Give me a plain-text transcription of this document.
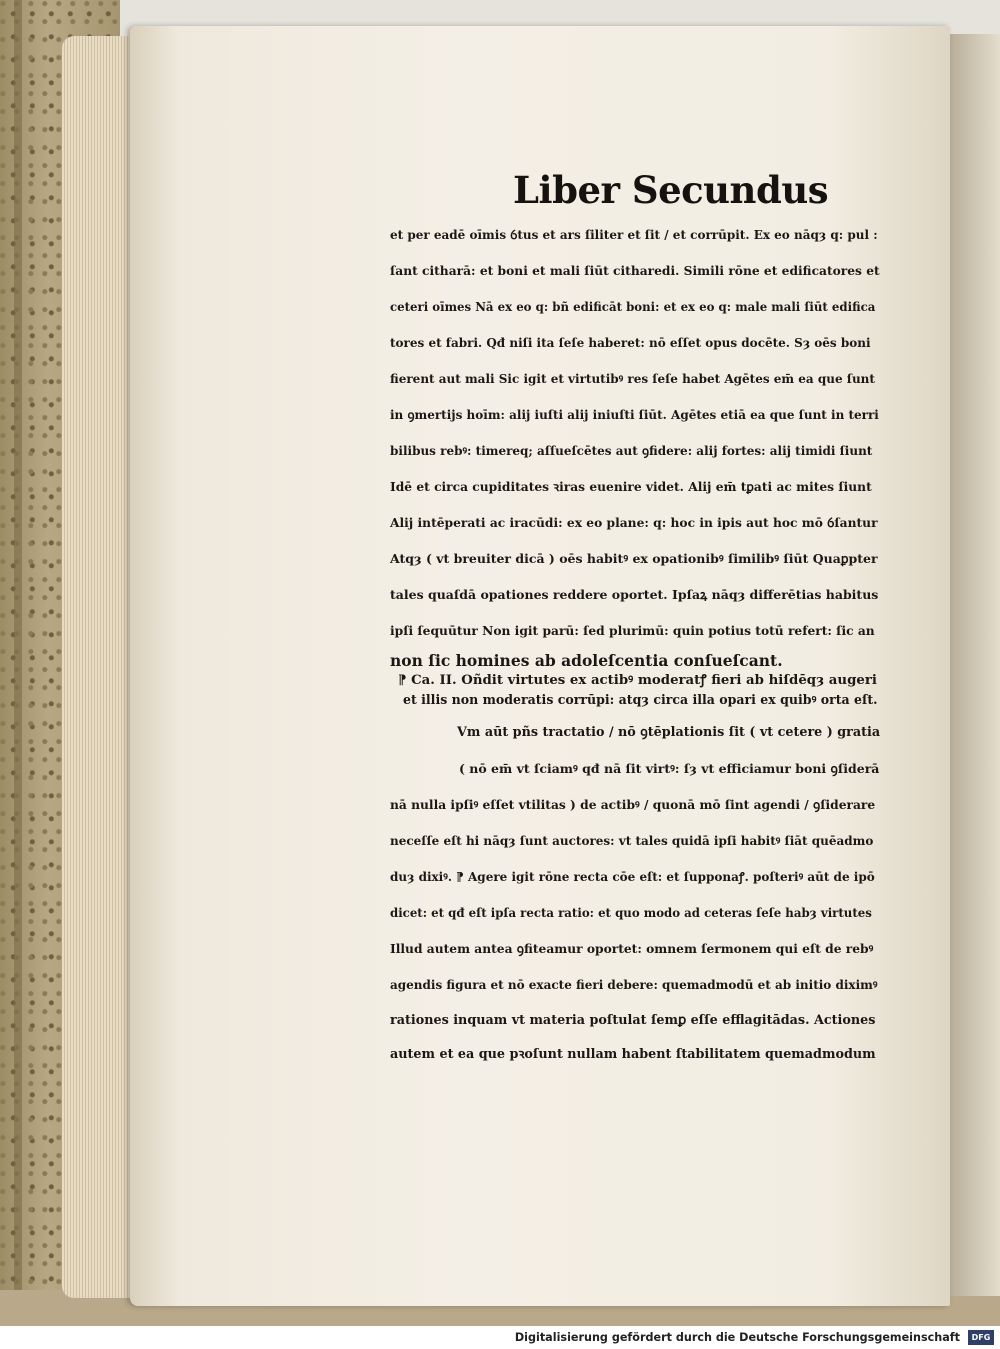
Liber Secundus

et per eadē oīmis ỽtus et ars ſiliter et ſit / et corrūpit. Ex eo nāqȝ q: pul :

ſant citharā: et boni et mali ſiūt citharedi. Simili rōne et edificatores et

ceteri oīmes Nā ex eo q: bñ edificāt boni: et ex eo q: male mali ſiūt edifica

tores et fabri. Qđ niſi ita ſeſe haberet: nō eſſet opus docēte. Sȝ oēs boni

fierent aut mali Sic igit et virtutibꝰ res ſeſe habet Agētes em̄ ea que ſunt

in ꝯmertijs hoīm: alij iuſti alij iniuſti ſiūt. Agētes etiā ea que ſunt in terri

bilibus rebꝰ: timereq; aſſueſcētes aut ꝯfidere: alij fortes: alij timidi ſiunt

Idē et circa cupiditates ꝛiras euenire videt. Alij em̄ tꝑati ac mites ſiunt

Alij intēperati ac iracūdi: ex eo plane: q: hoc in ipis aut hoc mō ỽſantur

Atqȝ ( vt breuiter dicā ) oēs habitꝰ ex opationibꝰ ſimilibꝰ ſiūt Quaꝑpter

tales quaſdā opationes reddere oportet. Ipſaꝝ nāqȝ differētias habitus

ipſi ſequūtur Non igit parū: ſed plurimū: quin potius totū refert: ſic an

non ſic homines ab adoleſcentia conſueſcant.

⁋ Ca. II. Oñdit virtutes ex actibꝰ moderatꝭ fieri ab hiſdēqȝ augeri

et illis non moderatis corrūpi: atqȝ circa illa opari ex quibꝰ orta eſt.

Vm aūt pñs tractatio / nō ꝯtēplationis ſit ( vt cetere ) gratia

( nō em̄ vt ſciamꝰ qđ nā ſit virtꝰ: ſȝ vt efficiamur boni ꝯſiderā

nā nulla ipſiꝰ eſſet vtilitas ) de actibꝰ / quonā mō ſint agendi / ꝯſiderare

neceſſe eſt hi nāqȝ ſunt auctores: vt tales quidā ipſi habitꝰ ſiāt quēadmo

duȝ dixiꝰ. ⁋ Agere igit rōne recta cōe eſt: et ſupponaꝭ. poſteriꝰ aūt de ipō

dicet: et qđ eſt ipſa recta ratio: et quo modo ad ceteras ſeſe habȝ virtutes

Illud autem antea ꝯfiteamur oportet: omnem ſermonem qui eſt de rebꝰ

agendis figura et nō exacte fieri debere: quemadmodū et ab initio diximꝰ

rationes inquam vt materia poſtulat ſemꝑ eſſe efflagitādas. Actiones

autem et ea que pꝛoſunt nullam habent ſtabilitatem quemadmodum

Digitalisierung gefördert durch die Deutsche Forschungsgemeinschaft	DFG
